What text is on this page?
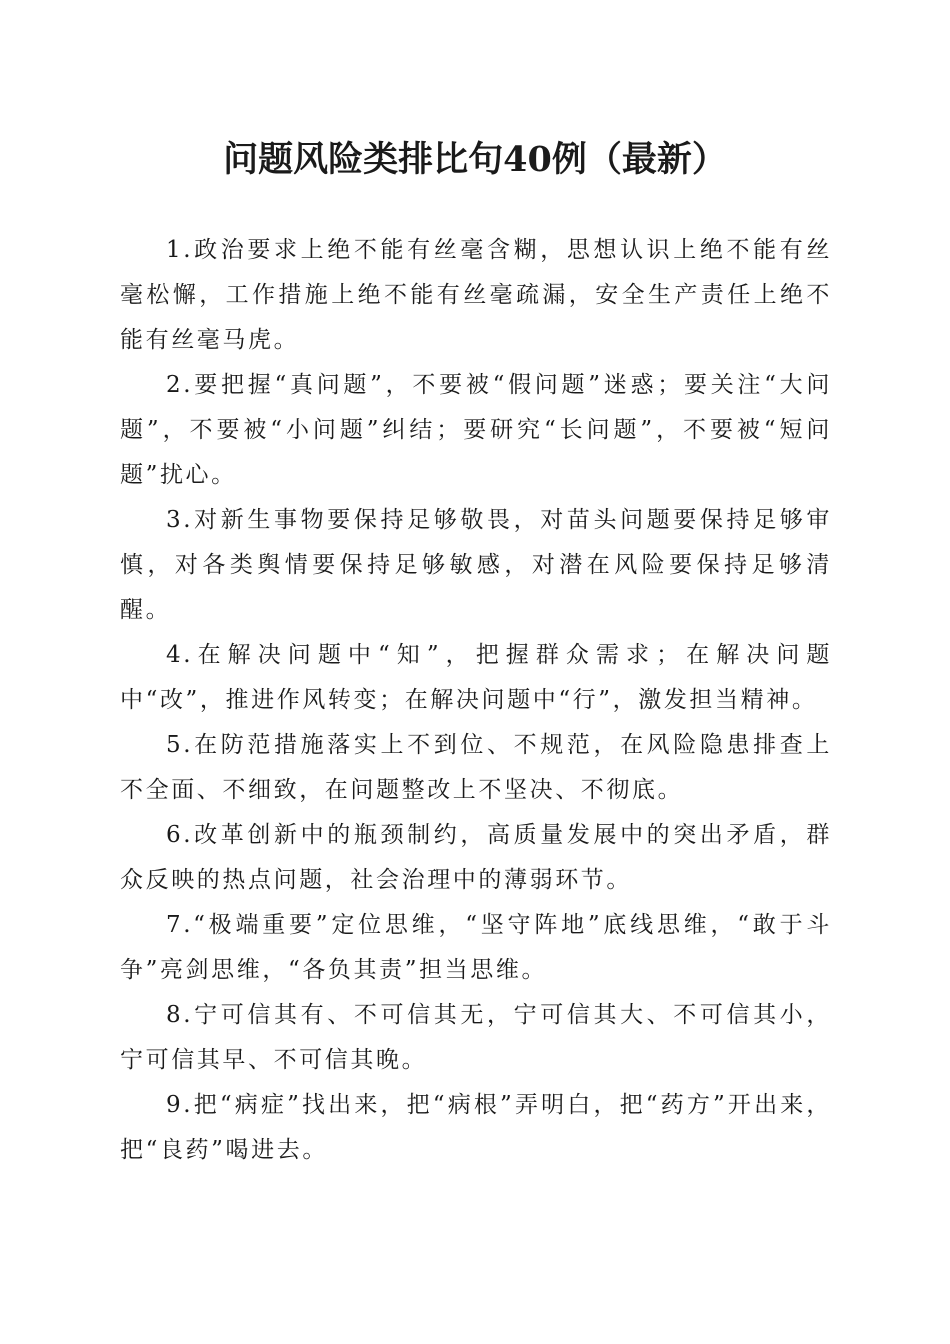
问题风险类排比句40例（最新）

1.政治要求上绝不能有丝毫含糊，思想认识上绝不能有丝毫松懈，工作措施上绝不能有丝毫疏漏，安全生产责任上绝不能有丝毫马虎。

2.要把握“真问题”，不要被“假问题”迷惑；要关注“大问题”，不要被“小问题”纠结；要研究“长问题”，不要被“短问题”扰心。

3.对新生事物要保持足够敬畏，对苗头问题要保持足够审慎，对各类舆情要保持足够敏感，对潜在风险要保持足够清醒。

4.在解决问题中“知”，把握群众需求；在解决问题中“改”，推进作风转变；在解决问题中“行”，激发担当精神。

5.在防范措施落实上不到位、不规范，在风险隐患排查上不全面、不细致，在问题整改上不坚决、不彻底。

6.改革创新中的瓶颈制约，高质量发展中的突出矛盾，群众反映的热点问题，社会治理中的薄弱环节。

7.“极端重要”定位思维，“坚守阵地”底线思维，“敢于斗争”亮剑思维，“各负其责”担当思维。

8.宁可信其有、不可信其无，宁可信其大、不可信其小，宁可信其早、不可信其晚。

9.把“病症”找出来，把“病根”弄明白，把“药方”开出来，把“良药”喝进去。
